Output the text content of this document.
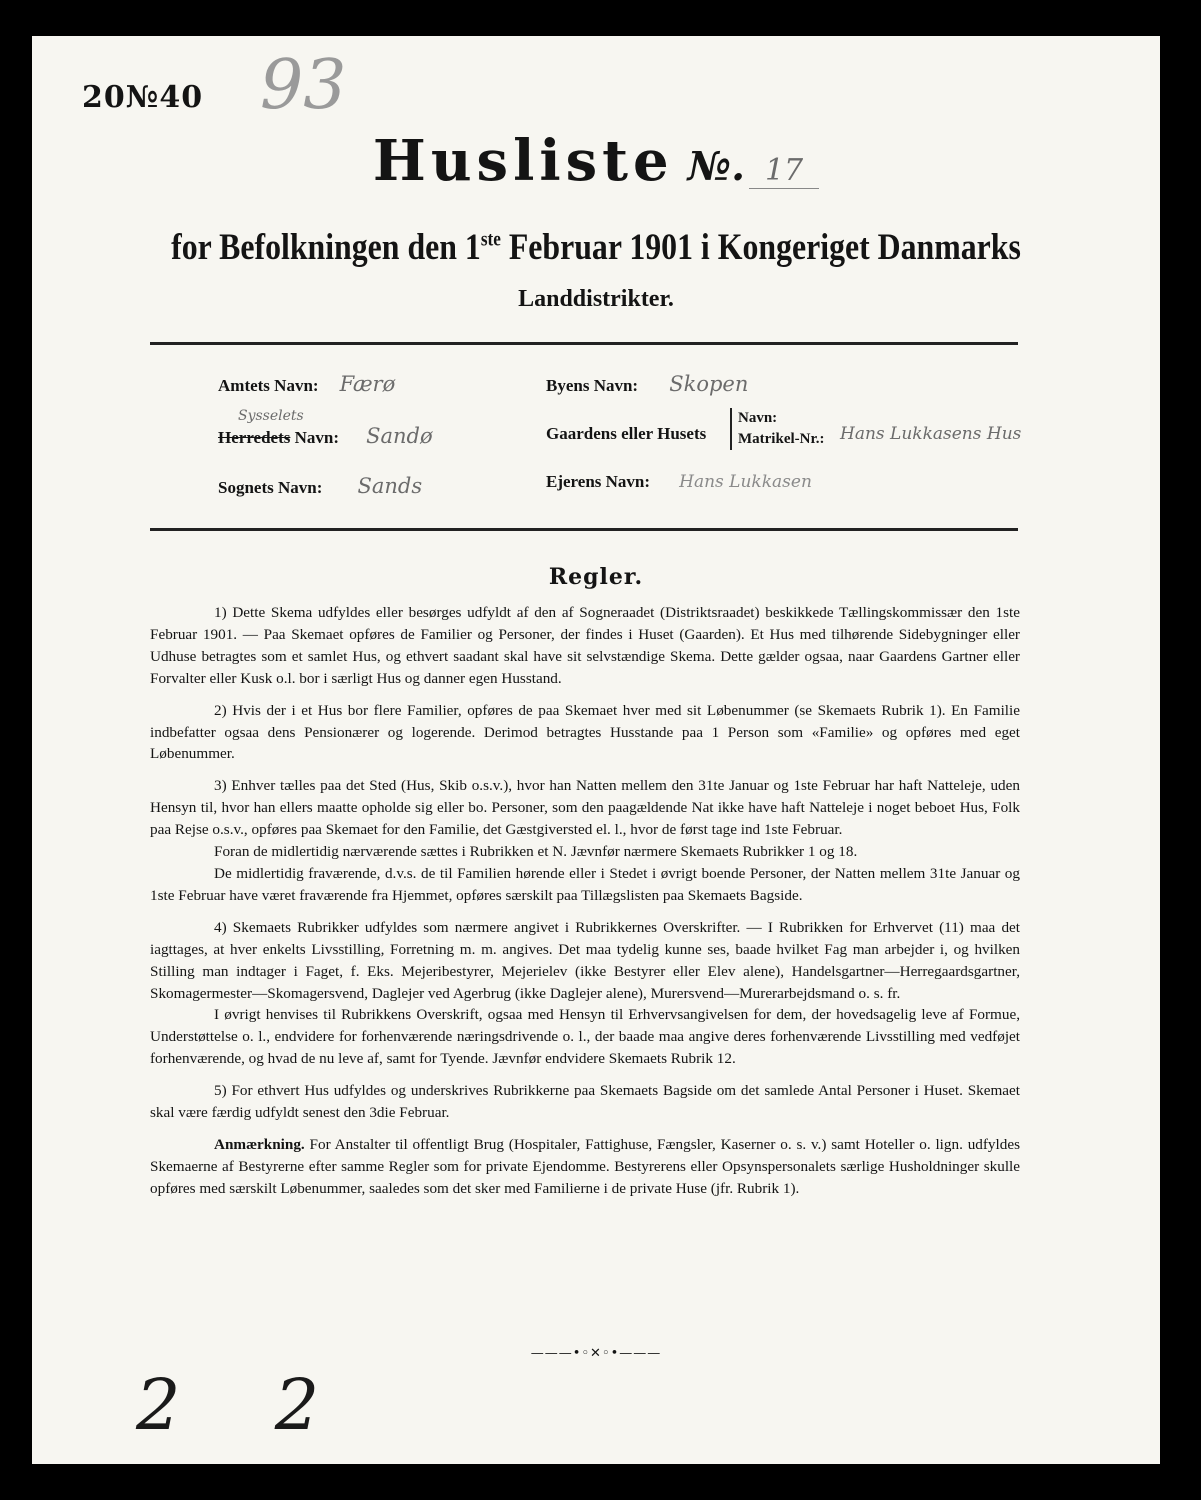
20№40 93
Husliste №. 17
for Befolkningen den 1ste Februar 1901 i Kongeriget Danmarks
Landdistrikter.
Amtets Navn: Færø
Sysselets
Herredets Navn: Sandø
Sognets Navn: Sands
Byens Navn: Skopen
Gaardens eller Husets
Navn:
Matrikel-Nr.: Hans Lukkasens Hus
Ejerens Navn: Hans Lukkasen
Regler.

1) Dette Skema udfyldes eller besørges udfyldt af den af Sogneraadet (Distriktsraadet) beskikkede Tællingskommissær den 1ste Februar 1901. — Paa Skemaet opføres de Familier og Personer, der findes i Huset (Gaarden). Et Hus med tilhørende Sidebygninger eller Udhuse betragtes som et samlet Hus, og ethvert saadant skal have sit selvstændige Skema. Dette gælder ogsaa, naar Gaardens Gartner eller Forvalter eller Kusk o.l. bor i særligt Hus og danner egen Husstand.

2) Hvis der i et Hus bor flere Familier, opføres de paa Skemaet hver med sit Løbenummer (se Skemaets Rubrik 1). En Familie indbefatter ogsaa dens Pensionærer og logerende. Derimod betragtes Husstande paa 1 Person som «Familie» og opføres med eget Løbenummer.

3) Enhver tælles paa det Sted (Hus, Skib o.s.v.), hvor han Natten mellem den 31te Januar og 1ste Februar har haft Natteleje, uden Hensyn til, hvor han ellers maatte opholde sig eller bo. Personer, som den paagældende Nat ikke have haft Natteleje i noget beboet Hus, Folk paa Rejse o.s.v., opføres paa Skemaet for den Familie, det Gæstgiversted el. l., hvor de først tage ind 1ste Februar.

Foran de midlertidig nærværende sættes i Rubrikken et N. Jævnfør nærmere Skemaets Rubrikker 1 og 18.

De midlertidig fraværende, d.v.s. de til Familien hørende eller i Stedet i øvrigt boende Personer, der Natten mellem 31te Januar og 1ste Februar have været fraværende fra Hjemmet, opføres særskilt paa Tillægslisten paa Skemaets Bagside.

4) Skemaets Rubrikker udfyldes som nærmere angivet i Rubrikkernes Overskrifter. — I Rubrikken for Erhvervet (11) maa det iagttages, at hver enkelts Livsstilling, Forretning m. m. angives. Det maa tydelig kunne ses, baade hvilket Fag man arbejder i, og hvilken Stilling man indtager i Faget, f. Eks. Mejeribestyrer, Mejerielev (ikke Bestyrer eller Elev alene), Handelsgartner—Herregaardsgartner, Skomagermester—Skomagersvend, Daglejer ved Agerbrug (ikke Daglejer alene), Murersvend—Murerarbejdsmand o. s. fr.

I øvrigt henvises til Rubrikkens Overskrift, ogsaa med Hensyn til Erhvervsangivelsen for dem, der hovedsagelig leve af Formue, Understøttelse o. l., endvidere for forhenværende næringsdrivende o. l., der baade maa angive deres forhenværende Livsstilling med vedføjet forhenværende, og hvad de nu leve af, samt for Tyende. Jævnfør endvidere Skemaets Rubrik 12.

5) For ethvert Hus udfyldes og underskrives Rubrikkerne paa Skemaets Bagside om det samlede Antal Personer i Huset. Skemaet skal være færdig udfyldt senest den 3die Februar.

Anmærkning. For Anstalter til offentligt Brug (Hospitaler, Fattighuse, Fængsler, Kaserner o. s. v.) samt Hoteller o. lign. udfyldes Skemaerne af Bestyrerne efter samme Regler som for private Ejendomme. Bestyrerens eller Opsynspersonalets særlige Husholdninger skulle opføres med særskilt Løbenummer, saaledes som det sker med Familierne i de private Huse (jfr. Rubrik 1).

———•◦✕◦•———
2 2
